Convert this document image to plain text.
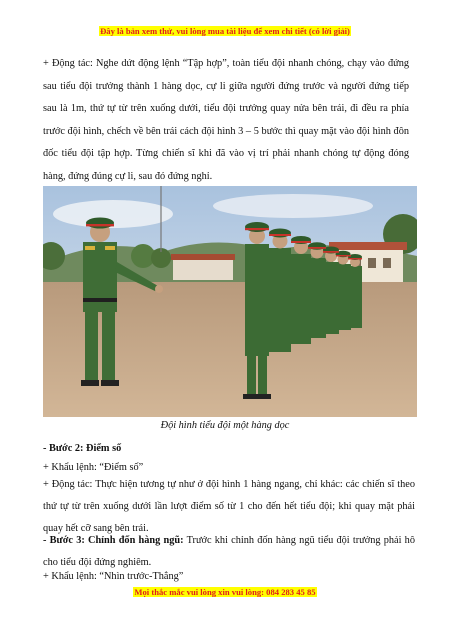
Đây là bản xem thử, vui lòng mua tài liệu để xem chi tiết (có lời giải)
+ Động tác: Nghe dứt động lệnh “Tập hợp”, toàn tiểu đội nhanh chóng, chạy vào đứng sau tiểu đội trưởng thành 1 hàng dọc, cự li giữa người đứng trước và người đứng tiếp sau là 1m, thứ tự từ trên xuống dưới, tiểu đội trưởng quay nửa bên trái, đi đều ra phía trước đội hình, chếch về bên trái cách đội hình 3 – 5 bước thì quay mặt vào đội hình đôn đốc tiểu đội tập hợp. Từng chiến sĩ khi đã vào vị trí phải nhanh chóng tự động đóng hàng, đứng đúng cự li, sau đó đứng nghỉ.
Đội hình tiểu đội một hàng dọc
- Bước 2: Điểm số
+ Khẩu lệnh: “Điểm số”
+ Động tác: Thực hiện tương tự như ở đội hình 1 hàng ngang, chỉ khác: các chiến sĩ theo thứ tự từ trên xuống dưới lần lượt điểm số từ 1 cho đến hết tiểu đội; khi quay mặt phải quay hết cỡ sang bên trái.
- Bước 3: Chỉnh đốn hàng ngũ: Trước khi chỉnh đốn hàng ngũ tiểu đội trưởng phải hô cho tiểu đội đứng nghiêm.
+ Khẩu lệnh: “Nhìn trước-Thẳng”
Mọi thắc mắc vui lòng xin vui lòng: 084 283 45 85
